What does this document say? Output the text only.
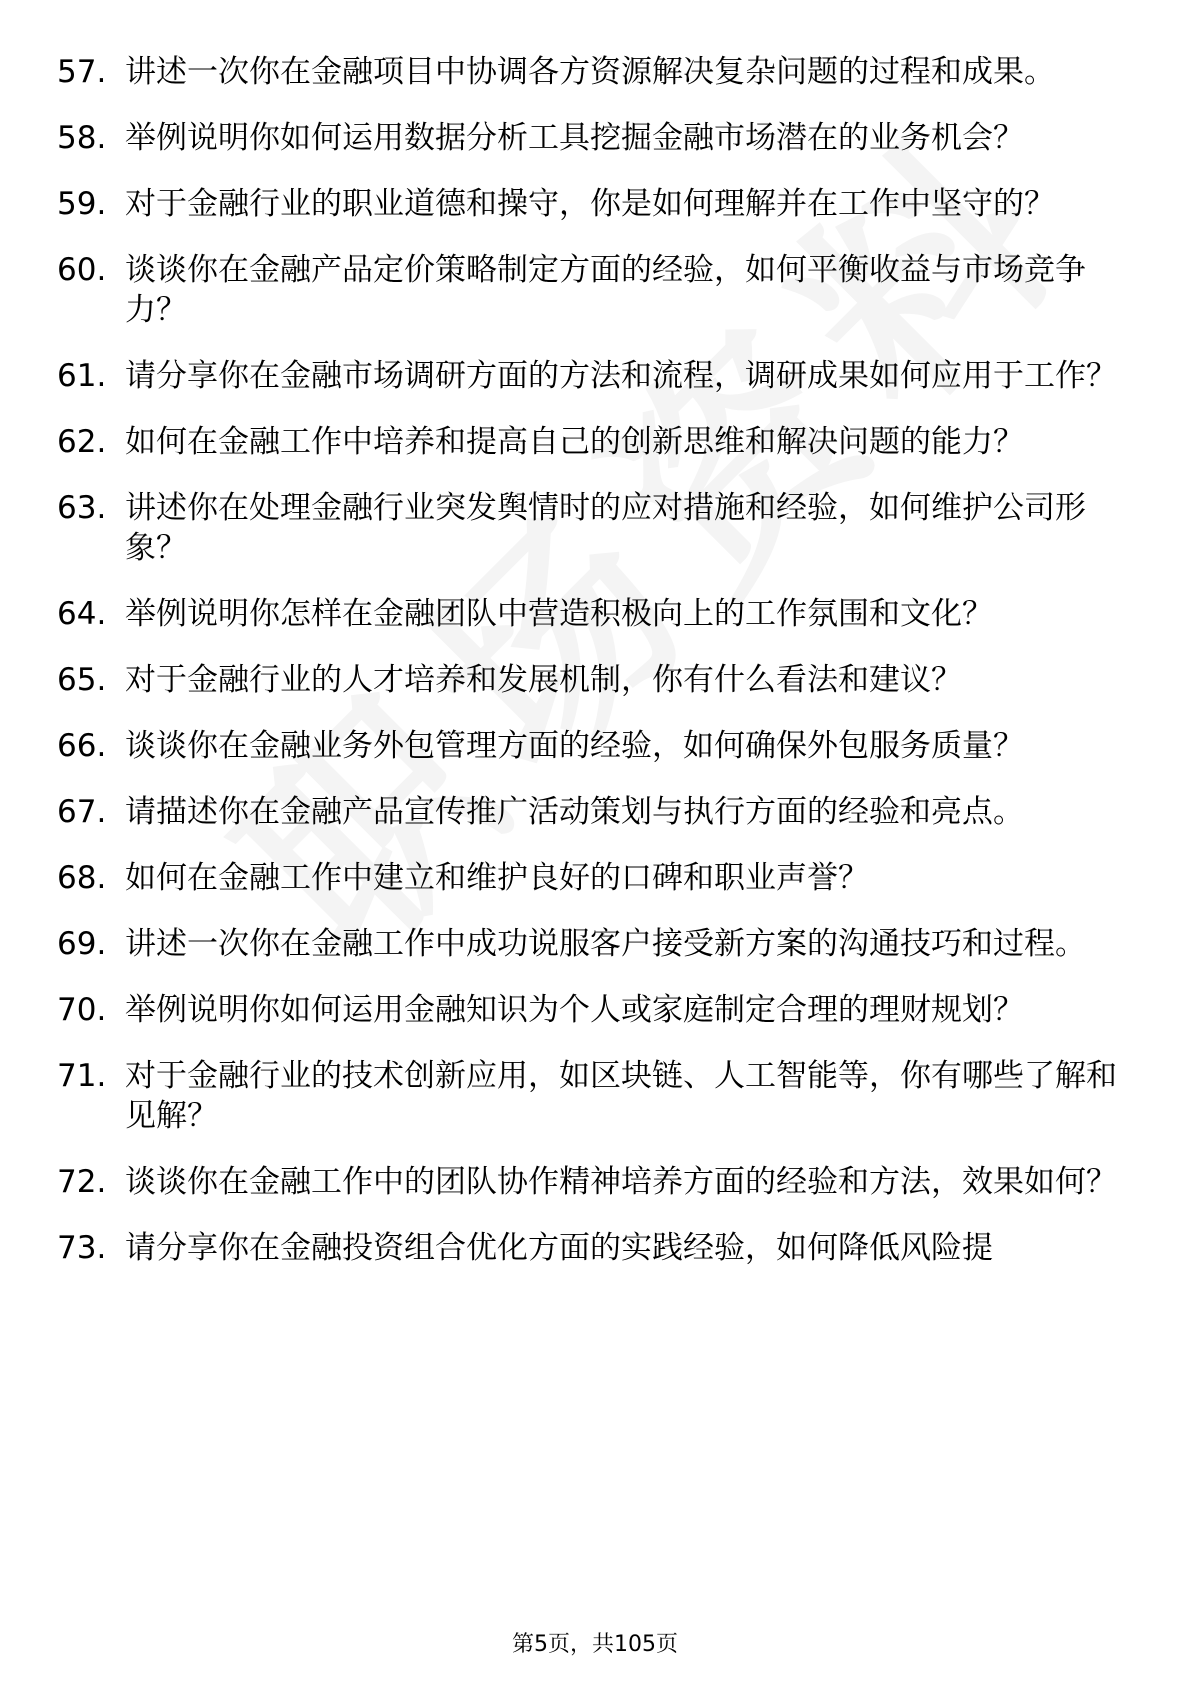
57. 讲述一次你在金融项目中协调各方资源解决复杂问题的过程和成果。
58. 举例说明你如何运用数据分析工具挖掘金融市场潜在的业务机会？
59. 对于金融行业的职业道德和操守，你是如何理解并在工作中坚守的？
60. 谈谈你在金融产品定价策略制定方面的经验，如何平衡收益与市场竞争力？
61. 请分享你在金融市场调研方面的方法和流程，调研成果如何应用于工作？
62. 如何在金融工作中培养和提高自己的创新思维和解决问题的能力？
63. 讲述你在处理金融行业突发舆情时的应对措施和经验，如何维护公司形象？
64. 举例说明你怎样在金融团队中营造积极向上的工作氛围和文化？
65. 对于金融行业的人才培养和发展机制，你有什么看法和建议？
66. 谈谈你在金融业务外包管理方面的经验，如何确保外包服务质量？
67. 请描述你在金融产品宣传推广活动策划与执行方面的经验和亮点。
68. 如何在金融工作中建立和维护良好的口碑和职业声誉？
69. 讲述一次你在金融工作中成功说服客户接受新方案的沟通技巧和过程。
70. 举例说明你如何运用金融知识为个人或家庭制定合理的理财规划？
71. 对于金融行业的技术创新应用，如区块链、人工智能等，你有哪些了解和见解？
72. 谈谈你在金融工作中的团队协作精神培养方面的经验和方法，效果如何？
73. 请分享你在金融投资组合优化方面的实践经验，如何降低风险提
第5页，共105页
